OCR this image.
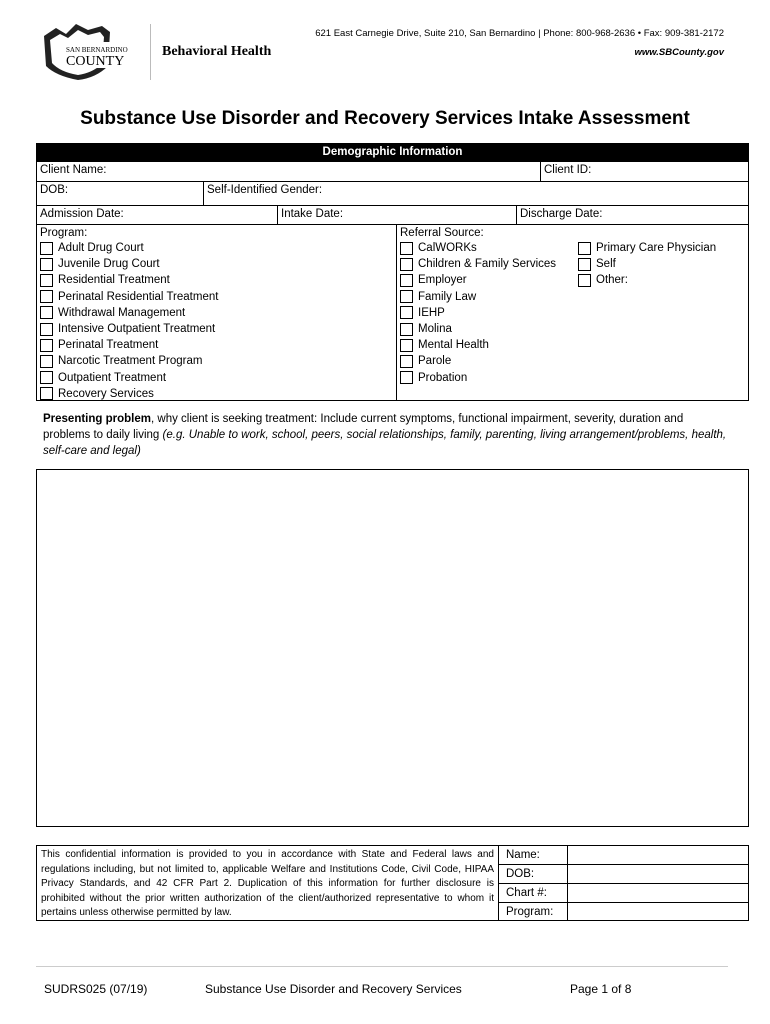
SAN BERNARDINO
COUNTY
Behavioral Health
621 East Carnegie Drive, Suite 210, San Bernardino | Phone: 800-968-2636 • Fax: 909-381-2172
www.SBCounty.gov
Substance Use Disorder and Recovery Services Intake Assessment
Demographic Information
Client Name:	Client ID:
DOB:	Self-Identified Gender:
Admission Date:	Intake Date:	Discharge Date:
Program:
Adult Drug Court
Juvenile Drug Court
Residential Treatment
Perinatal Residential Treatment
Withdrawal Management
Intensive Outpatient Treatment
Perinatal Treatment
Narcotic Treatment Program
Outpatient Treatment
Recovery Services
Referral Source:
CalWORKs
Children & Family Services
Employer
Family Law
IEHP
Molina
Mental Health
Parole
Probation
Primary Care Physician
Self
Other:
Presenting problem, why client is seeking treatment: Include current symptoms, functional impairment, severity, duration and problems to daily living (e.g. Unable to work, school, peers, social relationships, family, parenting, living arrangement/problems, health, self-care and legal)
This confidential information is provided to you in accordance with State and Federal laws and regulations including, but not limited to, applicable Welfare and Institutions Code, Civil Code, HIPAA Privacy Standards, and 42 CFR Part 2. Duplication of this information for further disclosure is prohibited without the prior written authorization of the client/authorized representative to whom it pertains unless otherwise permitted by law.
Name:
DOB:
Chart #:
Program:
SUDRS025 (07/19)	Substance Use Disorder and Recovery Services	Page 1 of 8
